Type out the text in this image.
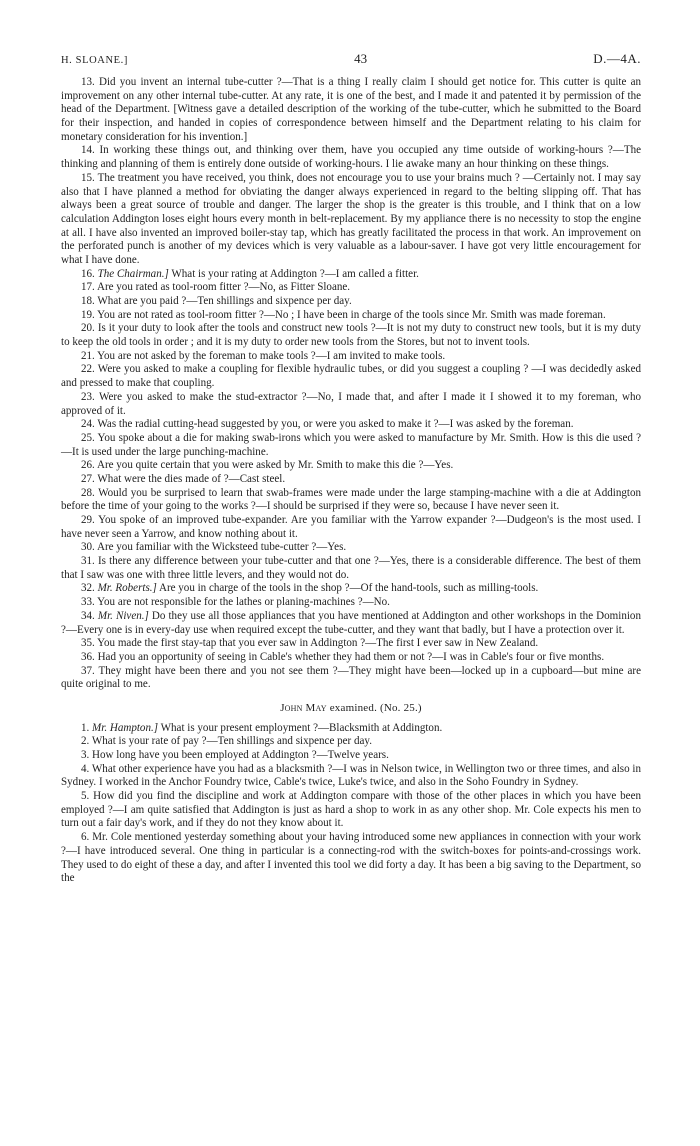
H. SLOANE.]	43	D.—4A.

13. Did you invent an internal tube-cutter ?—That is a thing I really claim I should get notice for. This cutter is quite an improvement on any other internal tube-cutter. At any rate, it is one of the best, and I made it and patented it by permission of the head of the Department. [Witness gave a detailed description of the working of the tube-cutter, which he submitted to the Board for their inspection, and handed in copies of correspondence between himself and the Department relating to his claim for monetary consideration for his invention.]

14. In working these things out, and thinking over them, have you occupied any time outside of working-hours ?—The thinking and planning of them is entirely done outside of working-hours. I lie awake many an hour thinking on these things.

15. The treatment you have received, you think, does not encourage you to use your brains much ? —Certainly not. I may say also that I have planned a method for obviating the danger always experienced in regard to the belting slipping off. That has always been a great source of trouble and danger. The larger the shop is the greater is this trouble, and I think that on a low calculation Addington loses eight hours every month in belt-replacement. By my appliance there is no necessity to stop the engine at all. I have also invented an improved boiler-stay tap, which has greatly facilitated the process in that work. An improvement on the perforated punch is another of my devices which is very valuable as a labour-saver. I have got very little encouragement for what I have done.

16. The Chairman.] What is your rating at Addington ?—I am called a fitter.

17. Are you rated as tool-room fitter ?—No, as Fitter Sloane.

18. What are you paid ?—Ten shillings and sixpence per day.

19. You are not rated as tool-room fitter ?—No ; I have been in charge of the tools since Mr. Smith was made foreman.

20. Is it your duty to look after the tools and construct new tools ?—It is not my duty to construct new tools, but it is my duty to keep the old tools in order ; and it is my duty to order new tools from the Stores, but not to invent tools.

21. You are not asked by the foreman to make tools ?—I am invited to make tools.

22. Were you asked to make a coupling for flexible hydraulic tubes, or did you suggest a coupling ? —I was decidedly asked and pressed to make that coupling.

23. Were you asked to make the stud-extractor ?—No, I made that, and after I made it I showed it to my foreman, who approved of it.

24. Was the radial cutting-head suggested by you, or were you asked to make it ?—I was asked by the foreman.

25. You spoke about a die for making swab-irons which you were asked to manufacture by Mr. Smith. How is this die used ?—It is used under the large punching-machine.

26. Are you quite certain that you were asked by Mr. Smith to make this die ?—Yes.

27. What were the dies made of ?—Cast steel.

28. Would you be surprised to learn that swab-frames were made under the large stamping-machine with a die at Addington before the time of your going to the works ?—I should be surprised if they were so, because I have never seen it.

29. You spoke of an improved tube-expander. Are you familiar with the Yarrow expander ?—Dudgeon's is the most used. I have never seen a Yarrow, and know nothing about it.

30. Are you familiar with the Wicksteed tube-cutter ?—Yes.

31. Is there any difference between your tube-cutter and that one ?—Yes, there is a considerable difference. The best of them that I saw was one with three little levers, and they would not do.

32. Mr. Roberts.] Are you in charge of the tools in the shop ?—Of the hand-tools, such as milling-tools.

33. You are not responsible for the lathes or planing-machines ?—No.

34. Mr. Niven.] Do they use all those appliances that you have mentioned at Addington and other workshops in the Dominion ?—Every one is in every-day use when required except the tube-cutter, and they want that badly, but I have a protection over it.

35. You made the first stay-tap that you ever saw in Addington ?—The first I ever saw in New Zealand.

36. Had you an opportunity of seeing in Cable's whether they had them or not ?—I was in Cable's four or five months.

37. They might have been there and you not see them ?—They might have been—locked up in a cupboard—but mine are quite original to me.

John May examined. (No. 25.)

1. Mr. Hampton.] What is your present employment ?—Blacksmith at Addington.

2. What is your rate of pay ?—Ten shillings and sixpence per day.

3. How long have you been employed at Addington ?—Twelve years.

4. What other experience have you had as a blacksmith ?—I was in Nelson twice, in Wellington two or three times, and also in Sydney. I worked in the Anchor Foundry twice, Cable's twice, Luke's twice, and also in the Soho Foundry in Sydney.

5. How did you find the discipline and work at Addington compare with those of the other places in which you have been employed ?—I am quite satisfied that Addington is just as hard a shop to work in as any other shop. Mr. Cole expects his men to turn out a fair day's work, and if they do not they know about it.

6. Mr. Cole mentioned yesterday something about your having introduced some new appliances in connection with your work ?—I have introduced several. One thing in particular is a connecting-rod with the switch-boxes for points-and-crossings work. They used to do eight of these a day, and after I invented this tool we did forty a day. It has been a big saving to the Department, so the
